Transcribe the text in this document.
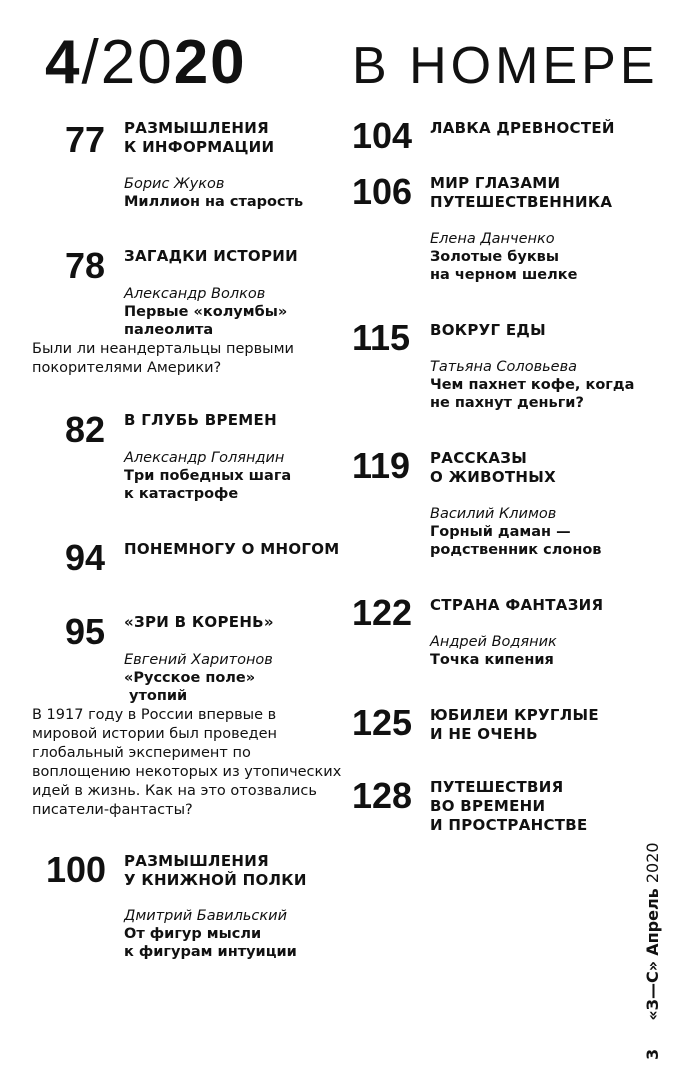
4/2020 В НОМЕРЕ
77 РАЗМЫШЛЕНИЯ
К ИНФОРМАЦИИ
Борис Жуков
Миллион на старость
78 ЗАГАДКИ ИСТОРИИ
Александр Волков
Первые «колумбы»
палеолита
Были ли неандертальцы первыми
покорителями Америки?
82 В ГЛУБЬ ВРЕМЕН
Александр Голяндин
Три победных шага
к катастрофе
94 ПОНЕМНОГУ О МНОГОМ
95 «ЗРИ В КОРЕНЬ»
Евгений Харитонов
«Русское поле»
утопий
В 1917 году в России впервые в
мировой истории был проведен
глобальный эксперимент по
воплощению некоторых из утопических
идей в жизнь. Как на это отозвались
писатели-фантасты?
100 РАЗМЫШЛЕНИЯ
У КНИЖНОЙ ПОЛКИ
Дмитрий Бавильский
От фигур мысли
к фигурам интуиции
104 ЛАВКА ДРЕВНОСТЕЙ
106 МИР ГЛАЗАМИ
ПУТЕШЕСТВЕННИКА
Елена Данченко
Золотые буквы
на черном шелке
115 ВОКРУГ ЕДЫ
Татьяна Соловьева
Чем пахнет кофе, когда
не пахнут деньги?
119 РАССКАЗЫ
О ЖИВОТНЫХ
Василий Климов
Горный даман —
родственник слонов
122 СТРАНА ФАНТАЗИЯ
Андрей Водяник
Точка кипения
125 ЮБИЛЕИ КРУГЛЫЕ
И НЕ ОЧЕНЬ
128 ПУТЕШЕСТВИЯ
ВО ВРЕМЕНИ
И ПРОСТРАНСТВЕ
3  «З—С» Апрель 2020
